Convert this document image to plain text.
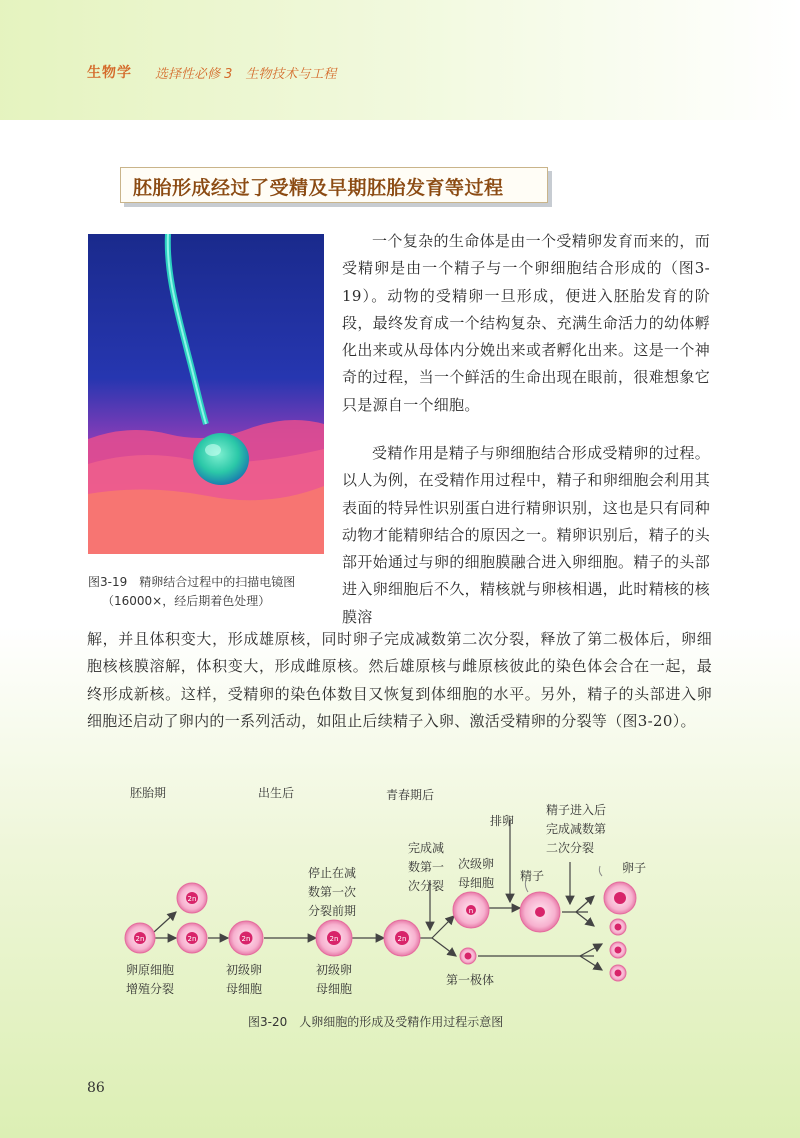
生物学 选择性必修 3　生物技术与工程
胚胎形成经过了受精及早期胚胎发育等过程
图3-19　精卵结合过程中的扫描电镜图
（16000×，经后期着色处理）
一个复杂的生命体是由一个受精卵发育而来的，而受精卵是由一个精子与一个卵细胞结合形成的（图3-19）。动物的受精卵一旦形成，便进入胚胎发育的阶段，最终发育成一个结构复杂、充满生命活力的幼体孵化出来或从母体内分娩出来或者孵化出来。这是一个神奇的过程，当一个鲜活的生命出现在眼前，很难想象它只是源自一个细胞。
受精作用是精子与卵细胞结合形成受精卵的过程。以人为例，在受精作用过程中，精子和卵细胞会利用其表面的特异性识别蛋白进行精卵识别，这也是只有同种动物才能精卵结合的原因之一。精卵识别后，精子的头部开始通过与卵的细胞膜融合进入卵细胞。精子的头部进入卵细胞后不久，精核就与卵核相遇，此时精核的核膜溶
解，并且体积变大，形成雄原核，同时卵子完成减数第二次分裂，释放了第二极体后，卵细胞核核膜溶解，体积变大，形成雌原核。然后雄原核与雌原核彼此的染色体会合在一起，最终形成新核。这样，受精卵的染色体数目又恢复到体细胞的水平。另外，精子的头部进入卵细胞还启动了卵内的一系列活动，如阻止后续精子入卵、激活受精卵的分裂等（图3-20）。
胚胎期	出生后	青春期后
2n
2n
2n	2n	2n	2n
n
排卵
精子进入后
完成减数第
二次分裂
完成减
数第一
次分裂
次级卵
母细胞 精子
卵子
停止在减
数第一次
分裂前期
卵原细胞
增殖分裂
初级卵
母细胞
初级卵
母细胞
第一极体
图3-20　人卵细胞的形成及受精作用过程示意图
86
